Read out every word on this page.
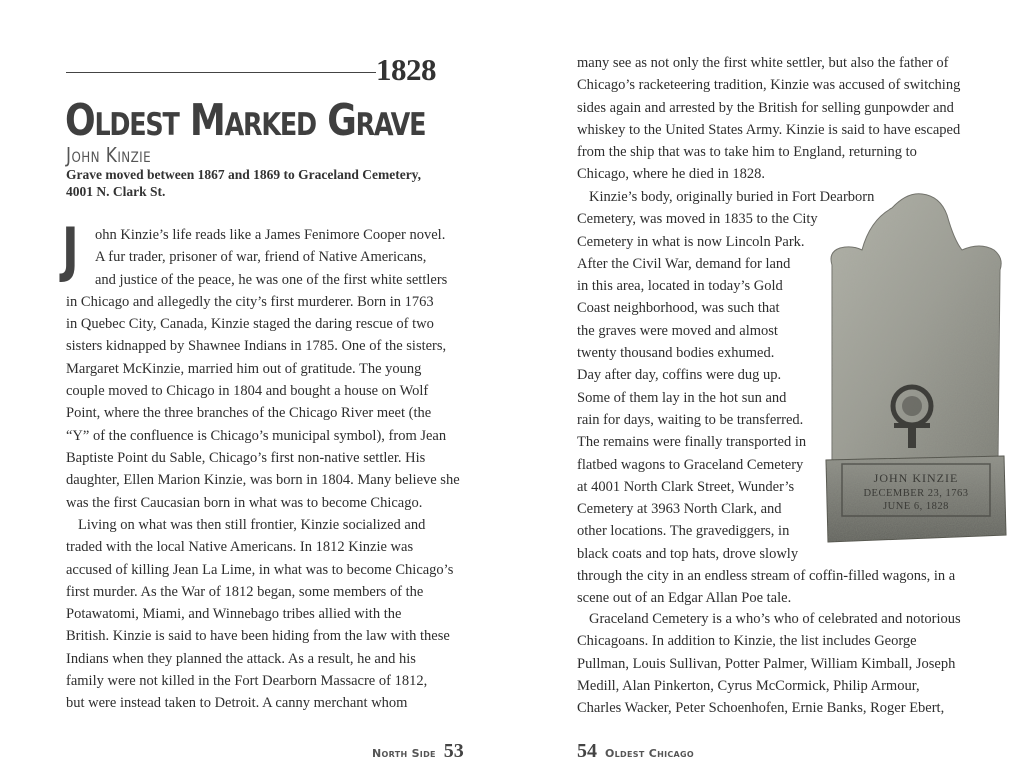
1828
Oldest Marked Grave
John Kinzie
Grave moved between 1867 and 1869 to Graceland Cemetery,
4001 N. Clark St.
J	ohn Kinzie’s life reads like a James Fenimore Cooper novel.
A fur trader, prisoner of war, friend of Native Americans,
and justice of the peace, he was one of the first white settlers
in Chicago and allegedly the city’s first murderer. Born in 1763
in Quebec City, Canada, Kinzie staged the daring rescue of two
sisters kidnapped by Shawnee Indians in 1785. One of the sisters,
Margaret McKinzie, married him out of gratitude. The young
couple moved to Chicago in 1804 and bought a house on Wolf
Point, where the three branches of the Chicago River meet (the
“Y” of the confluence is Chicago’s municipal symbol), from Jean
Baptiste Point du Sable, Chicago’s first non-native settler. His
daughter, Ellen Marion Kinzie, was born in 1804. Many believe she
was the first Caucasian born in what was to become Chicago.
Living on what was then still frontier, Kinzie socialized and
traded with the local Native Americans. In 1812 Kinzie was
accused of killing Jean La Lime, in what was to become Chicago’s
first murder. As the War of 1812 began, some members of the
Potawatomi, Miami, and Winnebago tribes allied with the
British. Kinzie is said to have been hiding from the law with these
Indians when they planned the attack. As a result, he and his
family were not killed in the Fort Dearborn Massacre of 1812,
but were instead taken to Detroit. A canny merchant whom
North Side 53
many see as not only the first white settler, but also the father of
Chicago’s racketeering tradition, Kinzie was accused of switching
sides again and arrested by the British for selling gunpowder and
whiskey to the United States Army. Kinzie is said to have escaped
from the ship that was to take him to England, returning to
Chicago, where he died in 1828.
Kinzie’s body, originally buried in Fort Dearborn
Cemetery, was moved in 1835 to the City
Cemetery in what is now Lincoln Park.
After the Civil War, demand for land
in this area, located in today’s Gold
Coast neighborhood, was such that
the graves were moved and almost
twenty thousand bodies exhumed.
Day after day, coffins were dug up.
Some of them lay in the hot sun and
rain for days, waiting to be transferred.
The remains were finally transported in
flatbed wagons to Graceland Cemetery
at 4001 North Clark Street, Wunder’s
Cemetery at 3963 North Clark, and
other locations. The gravediggers, in
black coats and top hats, drove slowly
through the city in an endless stream of coffin-filled wagons, in a
scene out of an Edgar Allan Poe tale.
Graceland Cemetery is a who’s who of celebrated and notorious
Chicagoans. In addition to Kinzie, the list includes George
Pullman, Louis Sullivan, Potter Palmer, William Kimball, Joseph
Medill, Alan Pinkerton, Cyrus McCormick, Philip Armour,
Charles Wacker, Peter Schoenhofen, Ernie Banks, Roger Ebert,
54 Oldest Chicago
JOHN KINZIE
DECEMBER 23, 1763
JUNE 6, 1828
